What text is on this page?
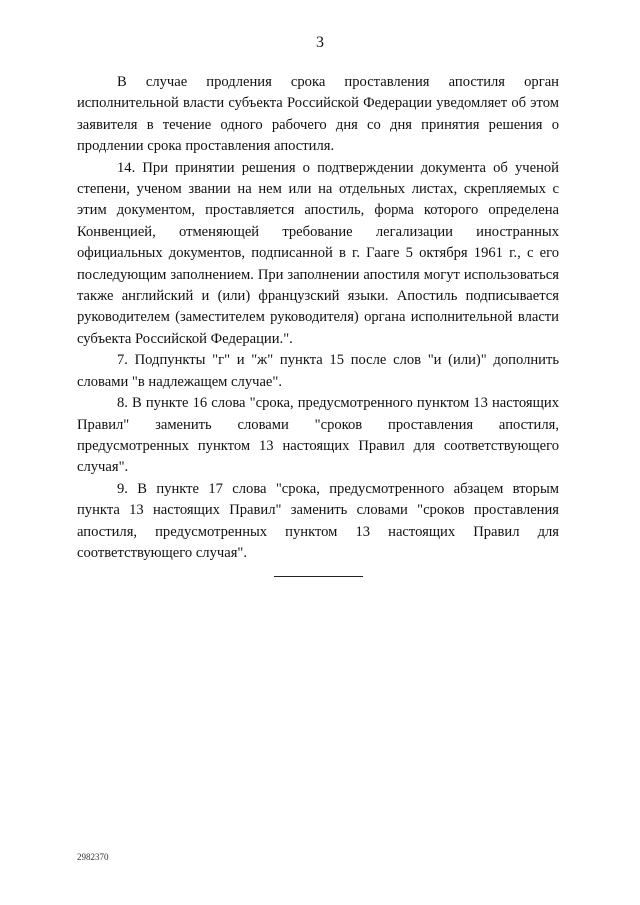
3

В случае продления срока проставления апостиля орган исполнительной власти субъекта Российской Федерации уведомляет об этом заявителя в течение одного рабочего дня со дня принятия решения о продлении срока проставления апостиля.

14. При принятии решения о подтверждении документа об ученой степени, ученом звании на нем или на отдельных листах, скрепляемых с этим документом, проставляется апостиль, форма которого определена Конвенцией, отменяющей требование легализации иностранных официальных документов, подписанной в г. Гааге 5 октября 1961 г., с его последующим заполнением. При заполнении апостиля могут использоваться также английский и (или) французский языки. Апостиль подписывается руководителем (заместителем руководителя) органа исполнительной власти субъекта Российской Федерации.".

7. Подпункты "г" и "ж" пункта 15 после слов "и (или)" дополнить словами "в надлежащем случае".

8. В пункте 16 слова "срока, предусмотренного пунктом 13 настоящих Правил" заменить словами "сроков проставления апостиля, предусмотренных пунктом 13 настоящих Правил для соответствующего случая".

9. В пункте 17 слова "срока, предусмотренного абзацем вторым пункта 13 настоящих Правил" заменить словами "сроков проставления апостиля, предусмотренных пунктом 13 настоящих Правил для соответствующего случая".

2982370
